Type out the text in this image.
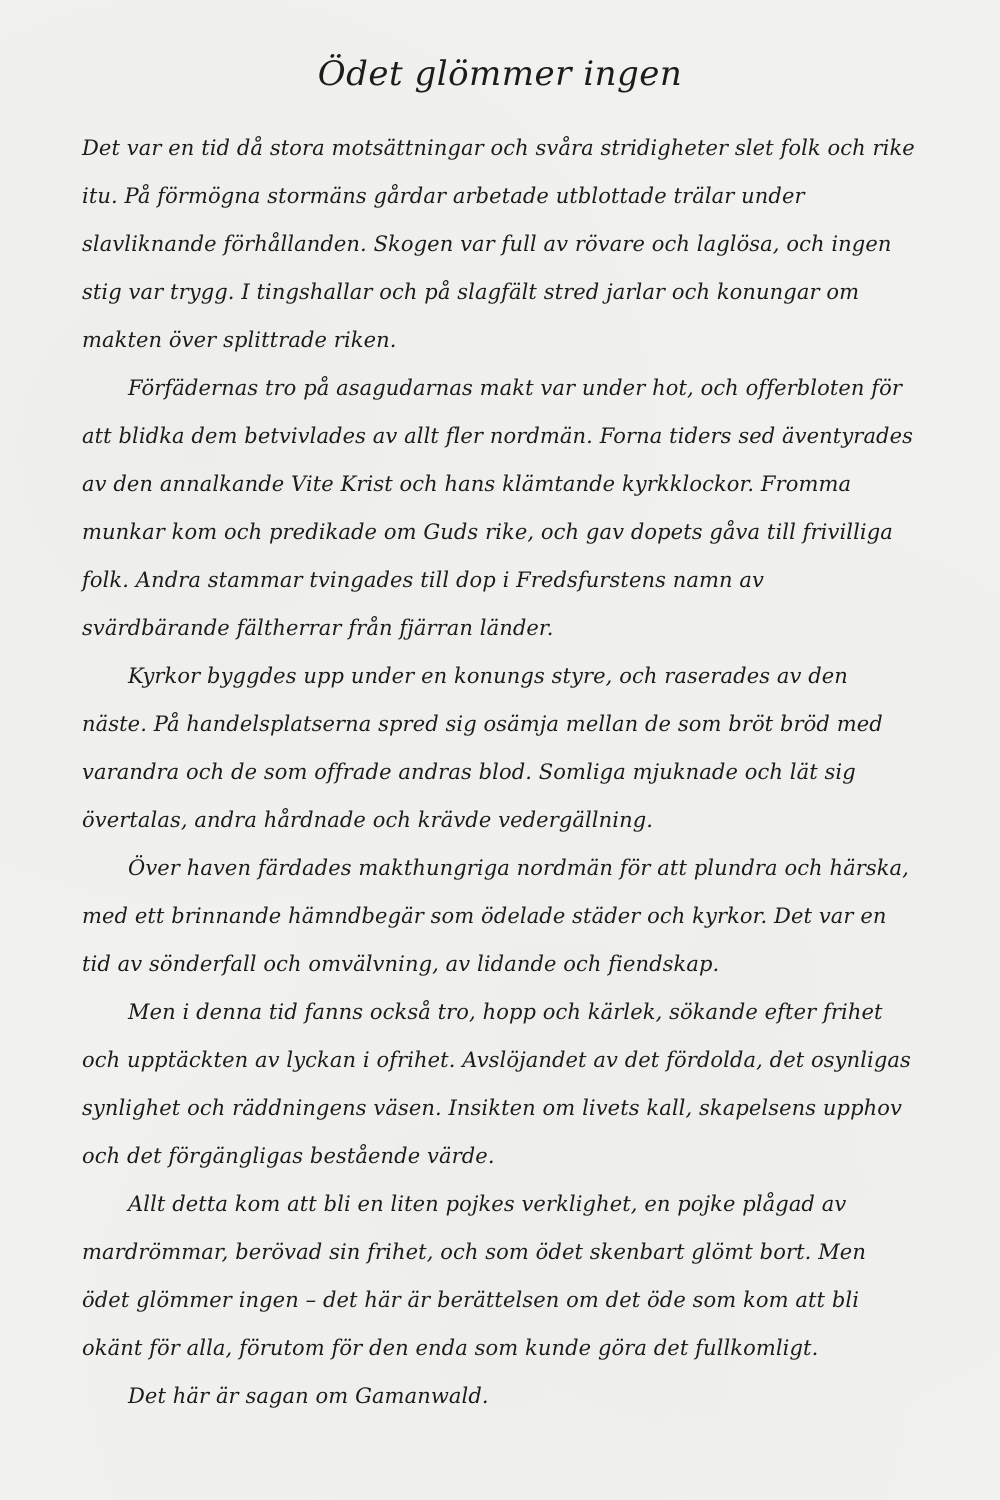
Ödet glömmer ingen

Det var en tid då stora motsättningar och svåra stridigheter slet folk och rike itu. På förmögna stormäns gårdar arbetade utblottade trälar under slavliknande förhållanden. Skogen var full av rövare och laglösa, och ingen stig var trygg. I tingshallar och på slagfält stred jarlar och konungar om makten över splittrade riken.

Förfädernas tro på asagudarnas makt var under hot, och offerbloten för att blidka dem betvivlades av allt fler nordmän. Forna tiders sed äventyrades av den annalkande Vite Krist och hans klämtande kyrkklockor. Fromma munkar kom och predikade om Guds rike, och gav dopets gåva till frivilliga folk. Andra stammar tvingades till dop i Fredsfurstens namn av svärdbärande fältherrar från fjärran länder.

Kyrkor byggdes upp under en konungs styre, och raserades av den näste. På handelsplatserna spred sig osämja mellan de som bröt bröd med varandra och de som offrade andras blod. Somliga mjuknade och lät sig övertalas, andra hårdnade och krävde vedergällning.

Över haven färdades makthungriga nordmän för att plundra och härska, med ett brinnande hämndbegär som ödelade städer och kyrkor. Det var en tid av sönderfall och omvälvning, av lidande och fiendskap.

Men i denna tid fanns också tro, hopp och kärlek, sökande efter frihet och upptäckten av lyckan i ofrihet. Avslöjandet av det fördolda, det osynligas synlighet och räddningens väsen. Insikten om livets kall, skapelsens upphov och det förgängligas bestående värde.

Allt detta kom att bli en liten pojkes verklighet, en pojke plågad av mardrömmar, berövad sin frihet, och som ödet skenbart glömt bort. Men ödet glömmer ingen – det här är berättelsen om det öde som kom att bli okänt för alla, förutom för den enda som kunde göra det fullkomligt.

Det här är sagan om Gamanwald.
